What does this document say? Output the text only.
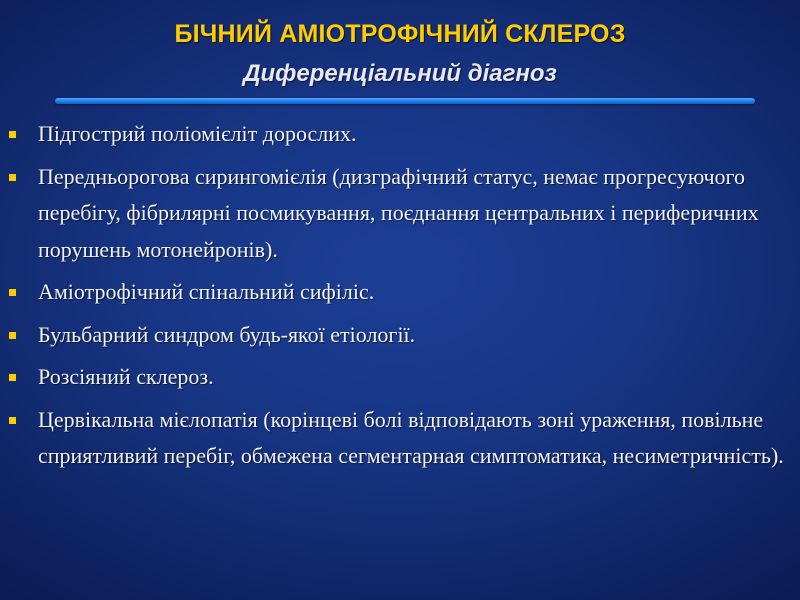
БІЧНИЙ АМІОТРОФІЧНИЙ СКЛЕРОЗ
Диференціальний діагноз
Підгострий поліомієліт дорослих.
Передньорогова сирингомієлія (дизграфічний статус, немає прогресуючого перебігу, фібрилярні посмикування, поєднання центральних і периферичних порушень мотонейронів).
Аміотрофічний спінальний сифіліс.
Бульбарний синдром будь-якої етіології.
Розсіяний склероз.
Цервікальна мієлопатія (корінцеві болі відповідають зоні ураження, повільне сприятливий перебіг, обмежена сегментарная симптоматика, несиметричність).
